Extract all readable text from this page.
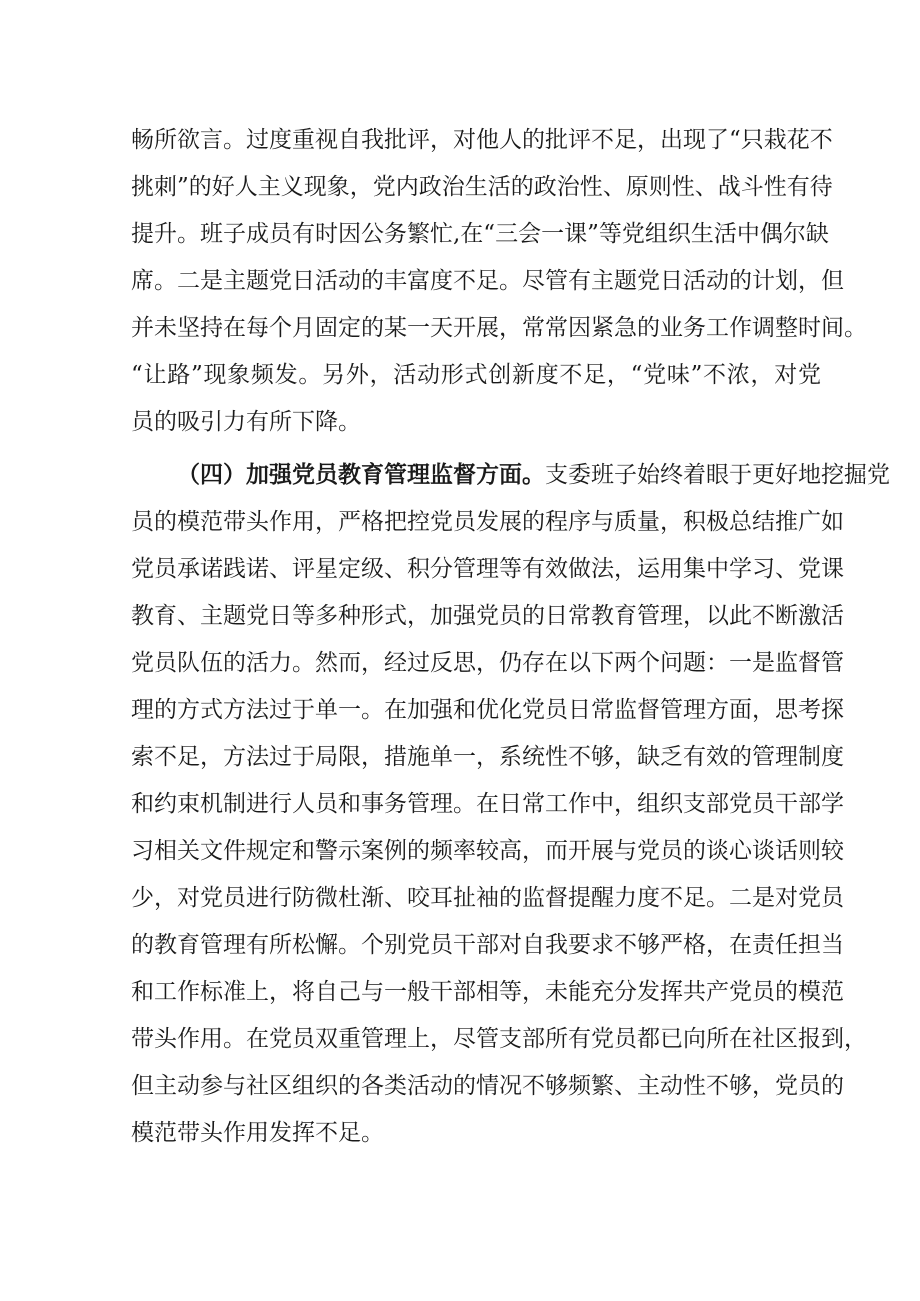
畅所欲言。过度重视自我批评，对他人的批评不足，出现了“只栽花不
挑刺”的好人主义现象，党内政治生活的政治性、原则性、战斗性有待
提升。班子成员有时因公务繁忙,在“三会一课”等党组织生活中偶尔缺
席。二是主题党日活动的丰富度不足。尽管有主题党日活动的计划，但
并未坚持在每个月固定的某一天开展，常常因紧急的业务工作调整时间。
“让路”现象频发。另外，活动形式创新度不足，“党味”不浓，对党
员的吸引力有所下降。
（四）加强党员教育管理监督方面。支委班子始终着眼于更好地挖掘党
员的模范带头作用，严格把控党员发展的程序与质量，积极总结推广如
党员承诺践诺、评星定级、积分管理等有效做法，运用集中学习、党课
教育、主题党日等多种形式，加强党员的日常教育管理，以此不断激活
党员队伍的活力。然而，经过反思，仍存在以下两个问题：一是监督管
理的方式方法过于单一。在加强和优化党员日常监督管理方面，思考探
索不足，方法过于局限，措施单一，系统性不够，缺乏有效的管理制度
和约束机制进行人员和事务管理。在日常工作中，组织支部党员干部学
习相关文件规定和警示案例的频率较高，而开展与党员的谈心谈话则较
少，对党员进行防微杜渐、咬耳扯袖的监督提醒力度不足。二是对党员
的教育管理有所松懈。个别党员干部对自我要求不够严格，在责任担当
和工作标准上，将自己与一般干部相等，未能充分发挥共产党员的模范
带头作用。在党员双重管理上，尽管支部所有党员都已向所在社区报到，
但主动参与社区组织的各类活动的情况不够频繁、主动性不够，党员的
模范带头作用发挥不足。
